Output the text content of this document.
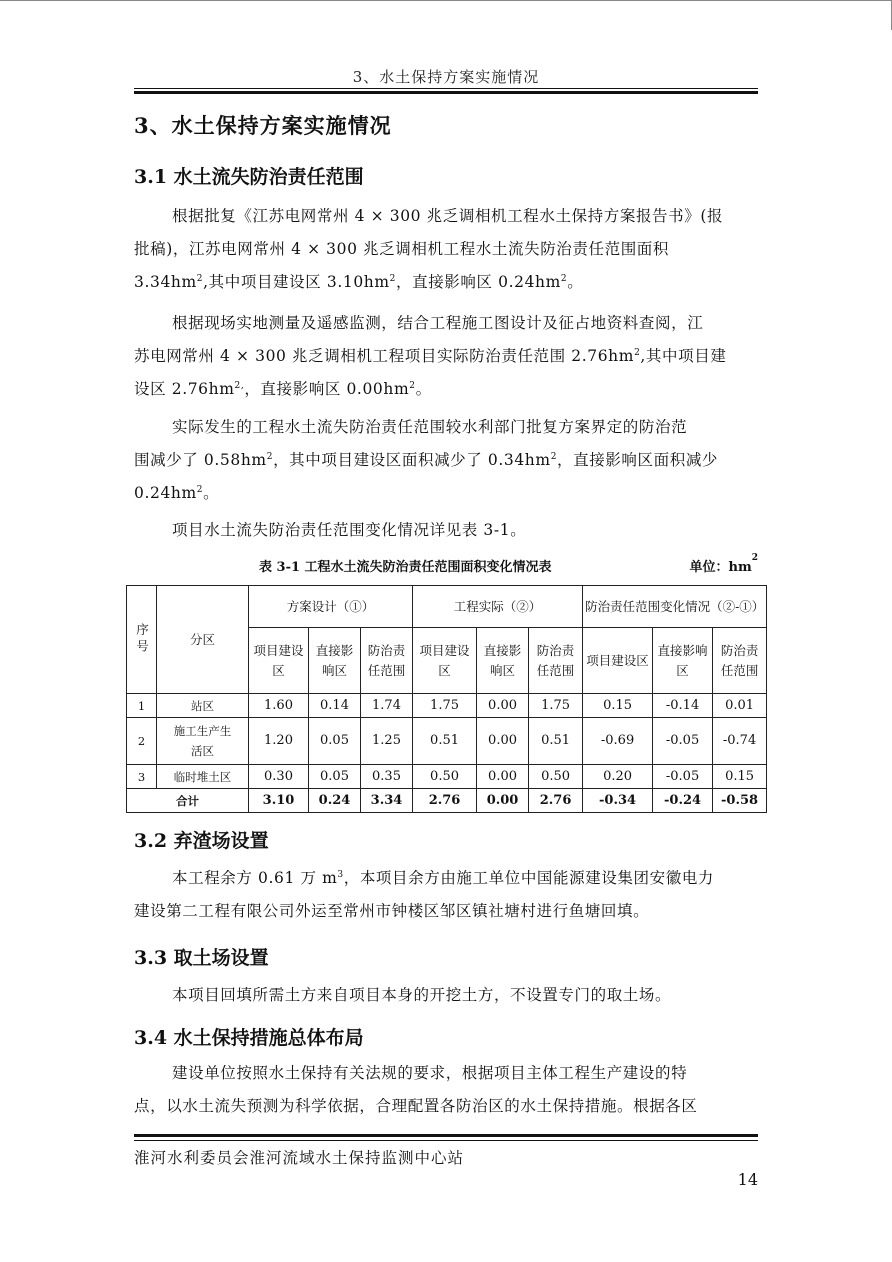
3、水土保持方案实施情况
3、水土保持方案实施情况
3.1 水土流失防治责任范围
根据批复《江苏电网常州 4 × 300 兆乏调相机工程水土保持方案报告书》(报
批稿)，江苏电网常州 4 × 300 兆乏调相机工程水土流失防治责任范围面积
$3.34hm^2$,其中项目建设区 $3.10hm^2$，直接影响区 $0.24hm^2$。
根据现场实地测量及遥感监测，结合工程施工图设计及征占地资料查阅，江
苏电网常州 4 × 300 兆乏调相机工程项目实际防治责任范围 $2.76hm^2$,其中项目建
设区 $2.76hm^{2,}$，直接影响区 $0.00hm^2$。
实际发生的工程水土流失防治责任范围较水利部门批复方案界定的防治范
围减少了 $0.58hm^2$，其中项目建设区面积减少了 $0.34hm^2$，直接影响区面积减少
$0.24hm^2$。
项目水土流失防治责任范围变化情况详见表 3-1。
表 3-1 工程水土流失防治责任范围面积变化情况表	单位：$hm^2$
序号	分区	方案设计（①）			工程实际（②）			防治责任范围变化情况（②-①）		
		项目建设区	直接影响区	防治责任范围	项目建设区	直接影响区	防治责任范围	项目建设区	直接影响区	防治责任范围
1	站区	1.60	0.14	1.74	1.75	0.00	1.75	0.15	-0.14	0.01
2	施工生产生活区	1.20	0.05	1.25	0.51	0.00	0.51	-0.69	-0.05	-0.74
3	临时堆土区	0.30	0.05	0.35	0.50	0.00	0.50	0.20	-0.05	0.15
合计		3.10	0.24	3.34	2.76	0.00	2.76	-0.34	-0.24	-0.58
3.2 弃渣场设置
本工程余方 0.61 万 $m^3$，本项目余方由施工单位中国能源建设集团安徽电力
建设第二工程有限公司外运至常州市钟楼区邹区镇社塘村进行鱼塘回填。
3.3 取土场设置
本项目回填所需土方来自项目本身的开挖土方，不设置专门的取土场。
3.4 水土保持措施总体布局
建设单位按照水土保持有关法规的要求，根据项目主体工程生产建设的特
点，以水土流失预测为科学依据，合理配置各防治区的水土保持措施。根据各区
淮河水利委员会淮河流域水土保持监测中心站
14
